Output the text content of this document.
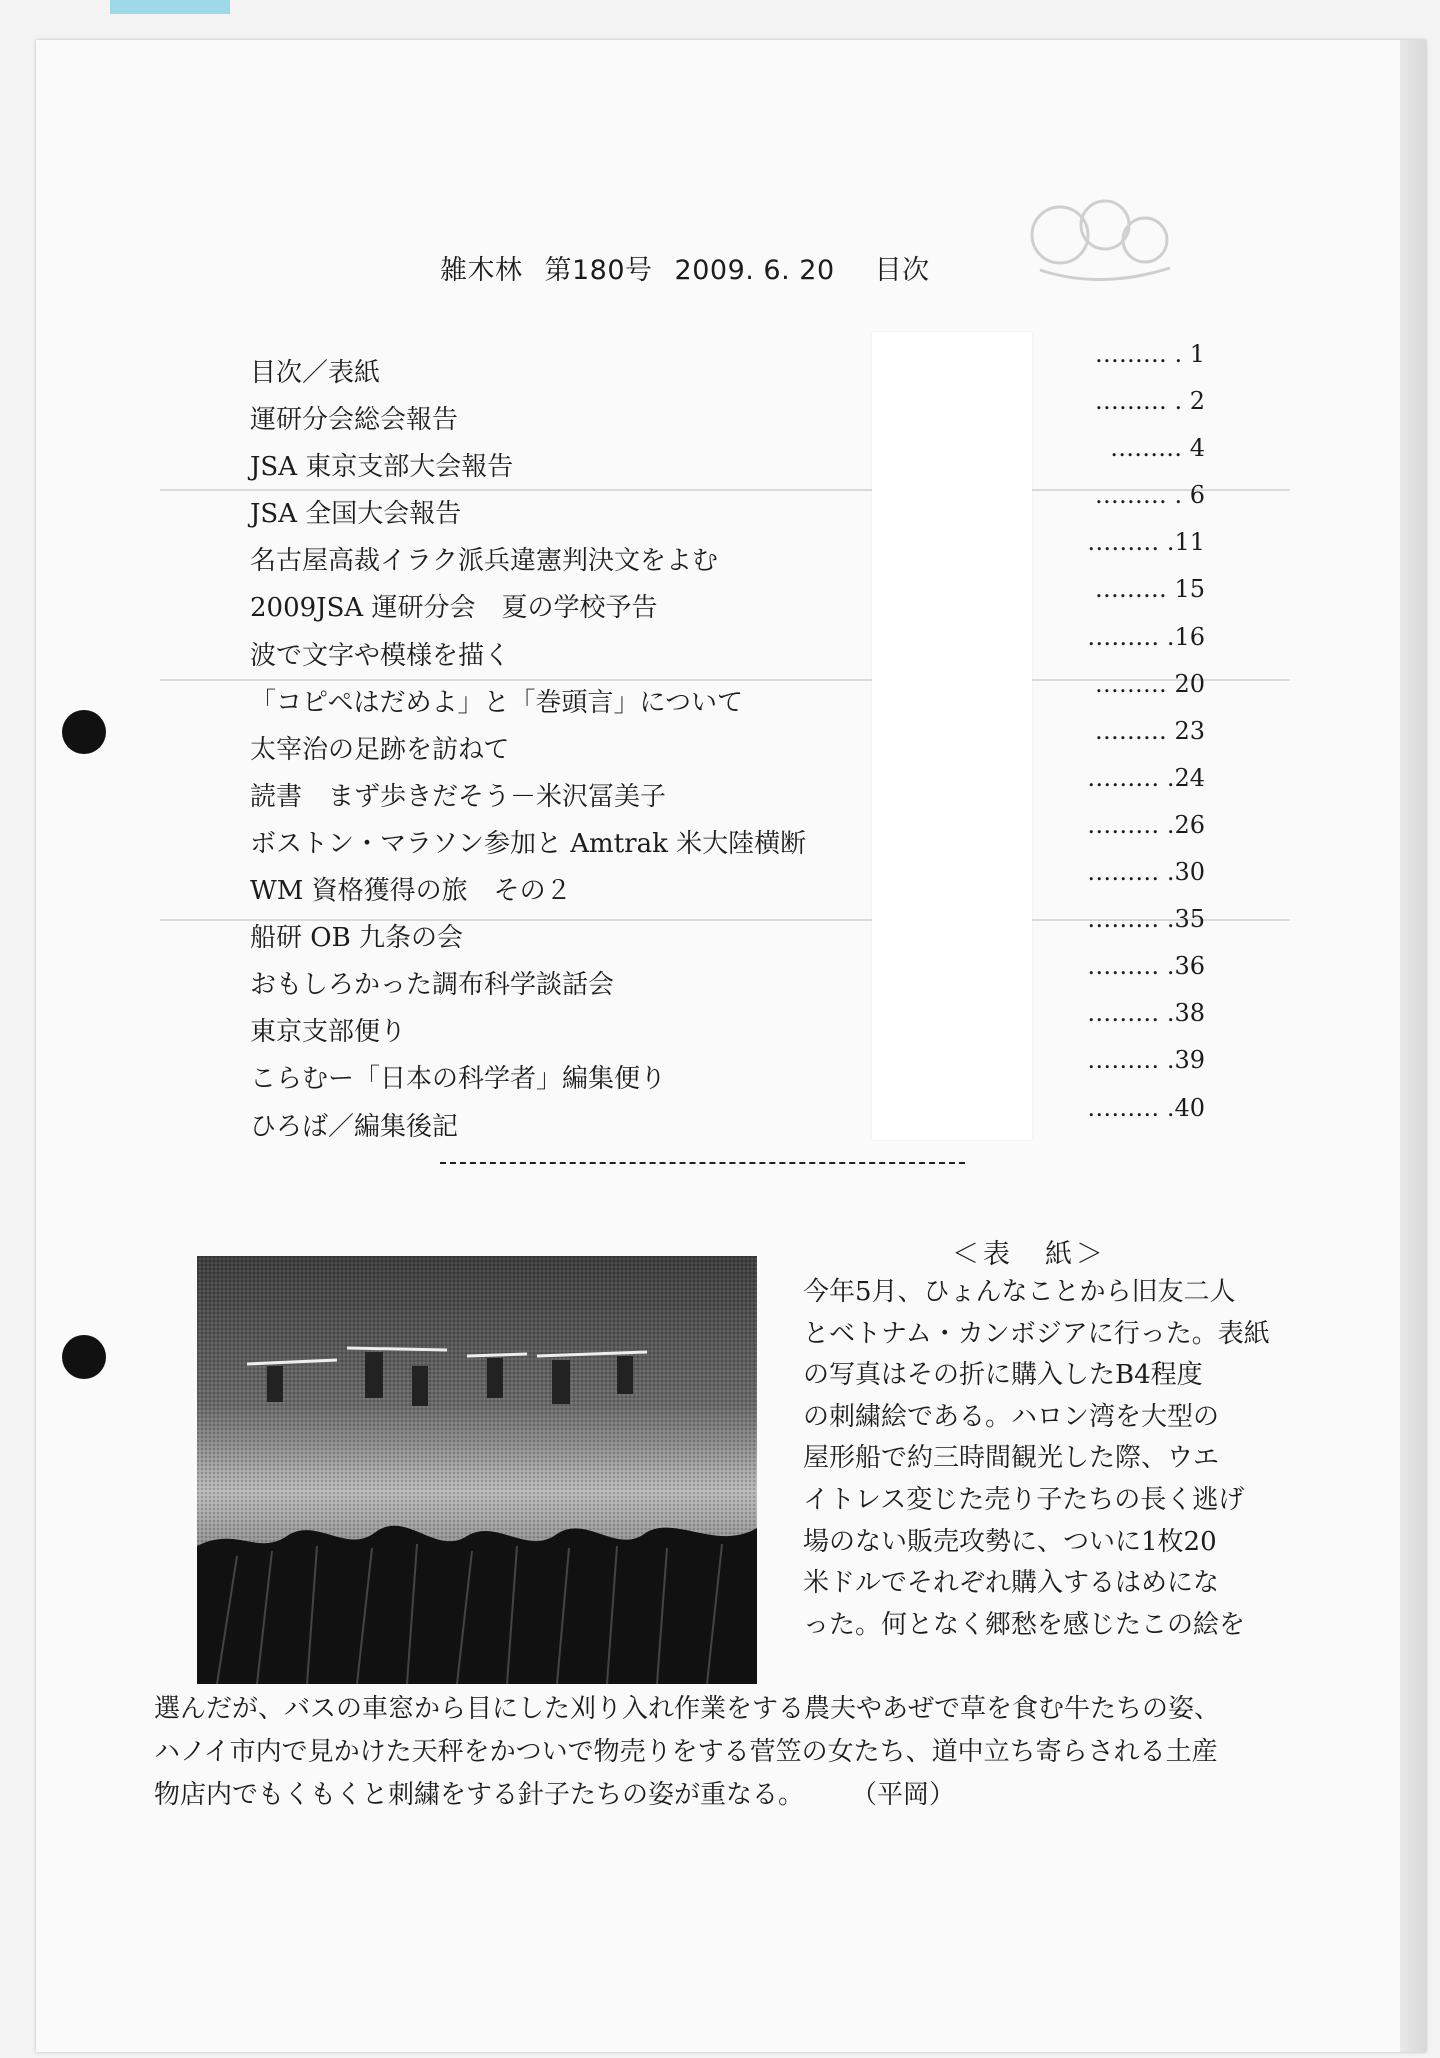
雑木林 第180号 2009. 6. 20 目次
目次／表紙
運研分会総会報告
JSA 東京支部大会報告
JSA 全国大会報告
名古屋高裁イラク派兵違憲判決文をよむ
2009JSA 運研分会　夏の学校予告
波で文字や模様を描く
「コピペはだめよ」と「巻頭言」について
太宰治の足跡を訪ねて
読書　まず歩きだそう－米沢冨美子
ボストン・マラソン参加と Amtrak 米大陸横断
WM 資格獲得の旅　その２
船研 OB 九条の会
おもしろかった調布科学談話会
東京支部便り
こらむー「日本の科学者」編集便り
ひろば／編集後記
……… . 1
……… . 2
……… 4
……… . 6
……… .11
……… 15
……… .16
……… 20
……… 23
……… .24
……… .26
……… .30
……… .35
……… .36
……… .38
……… .39
……… .40
＜表　紙＞
今年5月、ひょんなことから旧友二人
とベトナム・カンボジアに行った。表紙
の写真はその折に購入したB4程度
の刺繍絵である。ハロン湾を大型の
屋形船で約三時間観光した際、ウエ
イトレス変じた売り子たちの長く逃げ
場のない販売攻勢に、ついに1枚20
米ドルでそれぞれ購入するはめにな
った。何となく郷愁を感じたこの絵を
選んだが、バスの車窓から目にした刈り入れ作業をする農夫やあぜで草を食む牛たちの姿、
ハノイ市内で見かけた天秤をかついで物売りをする菅笠の女たち、道中立ち寄らされる土産
物店内でもくもくと刺繍をする針子たちの姿が重なる。 （平岡）
